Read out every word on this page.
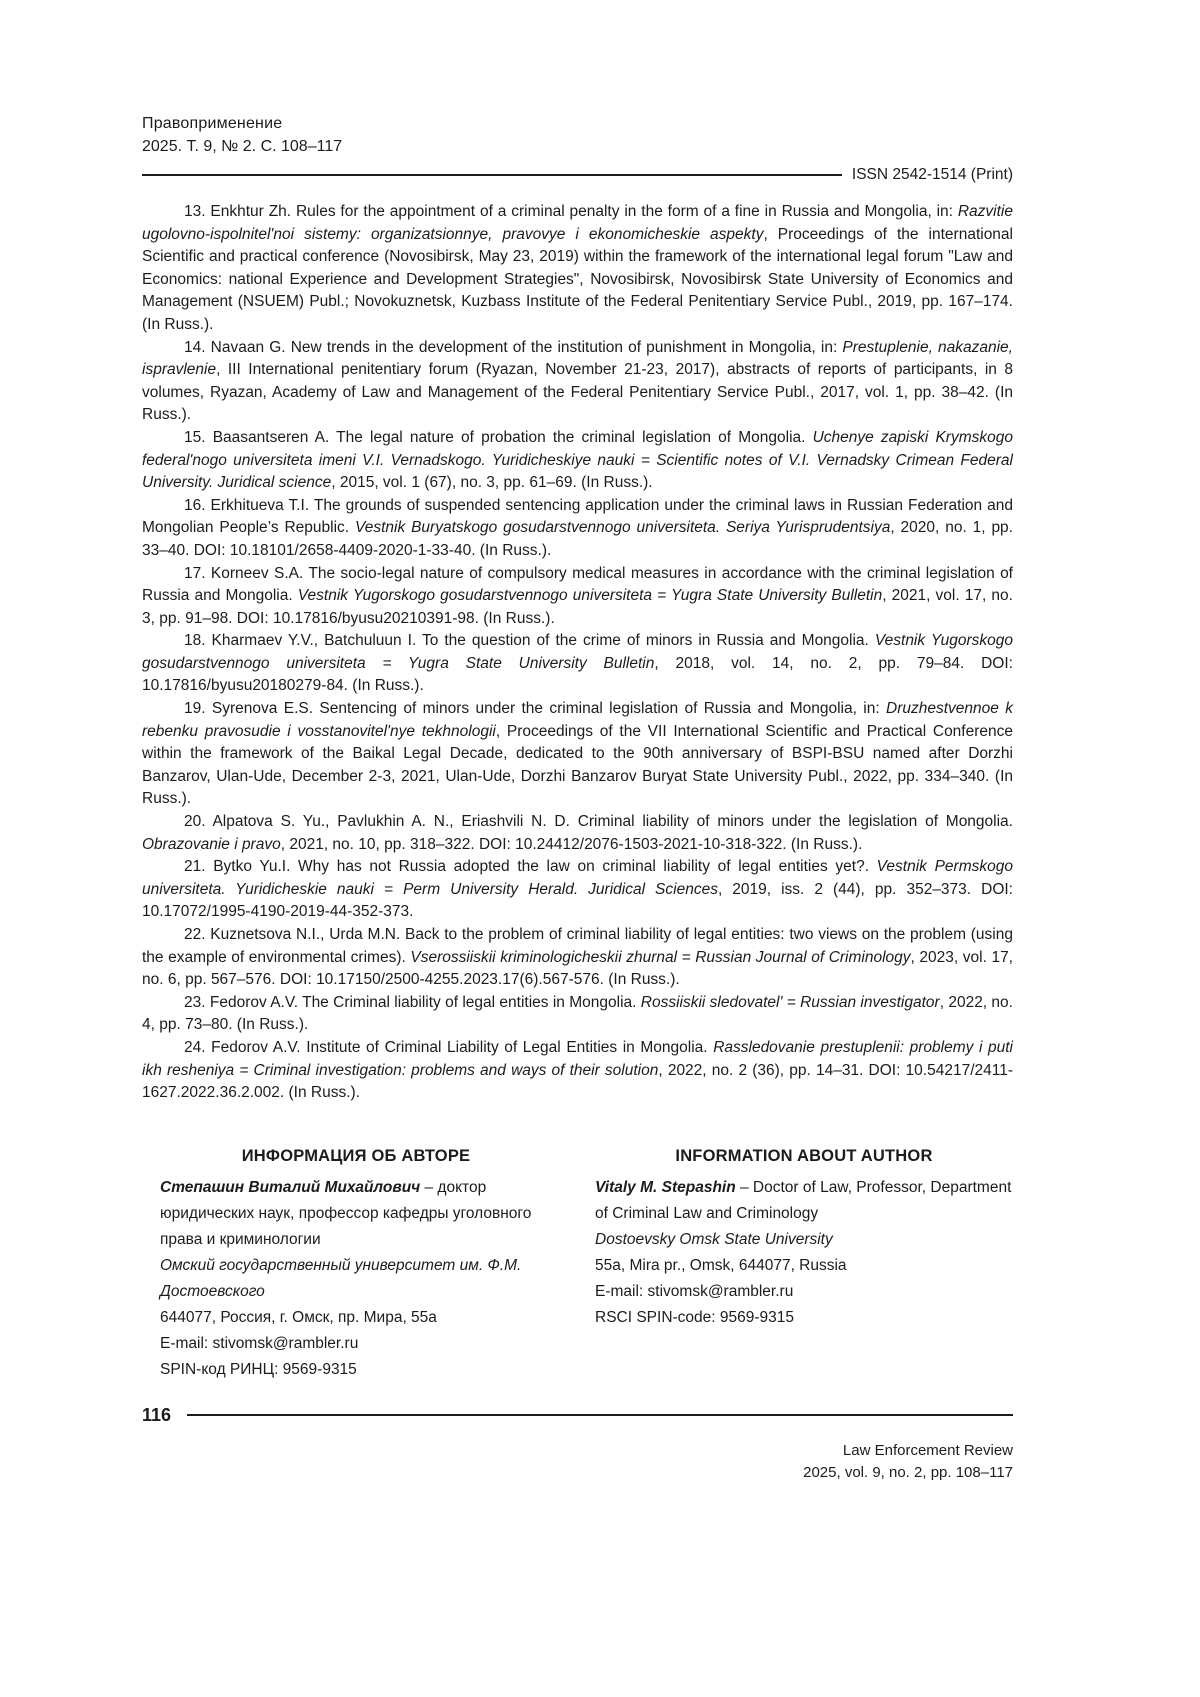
Правоприменение
2025. Т. 9, № 2. С. 108–117
ISSN 2542-1514 (Print)

13. Enkhtur Zh. Rules for the appointment of a criminal penalty in the form of a fine in Russia and Mongolia, in: Razvitie ugolovno-ispolnitel'noi sistemy: organizatsionnye, pravovye i ekonomicheskie aspekty, Proceedings of the international Scientific and practical conference (Novosibirsk, May 23, 2019) within the framework of the international legal forum "Law and Economics: national Experience and Development Strategies", Novosibirsk, Novosibirsk State University of Economics and Management (NSUEM) Publ.; Novokuznetsk, Kuzbass Institute of the Federal Penitentiary Service Publ., 2019, pp. 167–174. (In Russ.).

14. Navaan G. New trends in the development of the institution of punishment in Mongolia, in: Prestuplenie, nakazanie, ispravlenie, III International penitentiary forum (Ryazan, November 21-23, 2017), abstracts of reports of participants, in 8 volumes, Ryazan, Academy of Law and Management of the Federal Penitentiary Service Publ., 2017, vol. 1, pp. 38–42. (In Russ.).

15. Baasantseren A. The legal nature of probation the criminal legislation of Mongolia. Uchenye zapiski Krymskogo federal'nogo universiteta imeni V.I. Vernadskogo. Yuridicheskiye nauki = Scientific notes of V.I. Vernadsky Crimean Federal University. Juridical science, 2015, vol. 1 (67), no. 3, pp. 61–69. (In Russ.).

16. Erkhitueva T.I. The grounds of suspended sentencing application under the criminal laws in Russian Federation and Mongolian People’s Republic. Vestnik Buryatskogo gosudarstvennogo universiteta. Seriya Yurisprudentsiya, 2020, no. 1, pp. 33–40. DOI: 10.18101/2658-4409-2020-1-33-40. (In Russ.).

17. Korneev S.A. The socio-legal nature of compulsory medical measures in accordance with the criminal legislation of Russia and Mongolia. Vestnik Yugorskogo gosudarstvennogo universiteta = Yugra State University Bulletin, 2021, vol. 17, no. 3, pp. 91–98. DOI: 10.17816/byusu20210391-98. (In Russ.).

18. Kharmaev Y.V., Batchuluun I. To the question of the crime of minors in Russia and Mongolia. Vestnik Yugorskogo gosudarstvennogo universiteta = Yugra State University Bulletin, 2018, vol. 14, no. 2, pp. 79–84. DOI: 10.17816/byusu20180279-84. (In Russ.).

19. Syrenova E.S. Sentencing of minors under the criminal legislation of Russia and Mongolia, in: Druzhestvennoe k rebenku pravosudie i vosstanovitel'nye tekhnologii, Proceedings of the VII International Scientific and Practical Conference within the framework of the Baikal Legal Decade, dedicated to the 90th anniversary of BSPI-BSU named after Dorzhi Banzarov, Ulan-Ude, December 2-3, 2021, Ulan-Ude, Dorzhi Banzarov Buryat State University Publ., 2022, pp. 334–340. (In Russ.).

20. Alpatova S. Yu., Pavlukhin A. N., Eriashvili N. D. Criminal liability of minors under the legislation of Mongolia. Obrazovanie i pravo, 2021, no. 10, pp. 318–322. DOI: 10.24412/2076-1503-2021-10-318-322. (In Russ.).

21. Bytko Yu.I. Why has not Russia adopted the law on criminal liability of legal entities yet?. Vestnik Permskogo universiteta. Yuridicheskie nauki = Perm University Herald. Juridical Sciences, 2019, iss. 2 (44), pp. 352–373. DOI: 10.17072/1995-4190-2019-44-352-373.

22. Kuznetsova N.I., Urda M.N. Back to the problem of criminal liability of legal entities: two views on the problem (using the example of environmental crimes). Vserossiiskii kriminologicheskii zhurnal = Russian Journal of Criminology, 2023, vol. 17, no. 6, pp. 567–576. DOI: 10.17150/2500-4255.2023.17(6).567-576. (In Russ.).

23. Fedorov A.V. The Criminal liability of legal entities in Mongolia. Rossiiskii sledovatel' = Russian investigator, 2022, no. 4, pp. 73–80. (In Russ.).

24. Fedorov A.V. Institute of Criminal Liability of Legal Entities in Mongolia. Rassledovanie prestuplenii: problemy i puti ikh resheniya = Criminal investigation: problems and ways of their solution, 2022, no. 2 (36), pp. 14–31. DOI: 10.54217/2411-1627.2022.36.2.002. (In Russ.).

ИНФОРМАЦИЯ ОБ АВТОРЕ

Степашин Виталий Михайлович – доктор юридических наук, профессор кафедры уголовного права и криминологии

Омский государственный университет им. Ф.М. Достоевского

644077, Россия, г. Омск, пр. Мира, 55а

E-mail: stivomsk@rambler.ru

SPIN-код РИНЦ: 9569-9315

INFORMATION ABOUT AUTHOR

Vitaly M. Stepashin – Doctor of Law, Professor, Department of Criminal Law and Criminology

Dostoevsky Omsk State University

55a, Mira pr., Omsk, 644077, Russia

E-mail: stivomsk@rambler.ru

RSCI SPIN-code: 9569-9315

116
Law Enforcement Review
2025, vol. 9, no. 2, pp. 108–117
